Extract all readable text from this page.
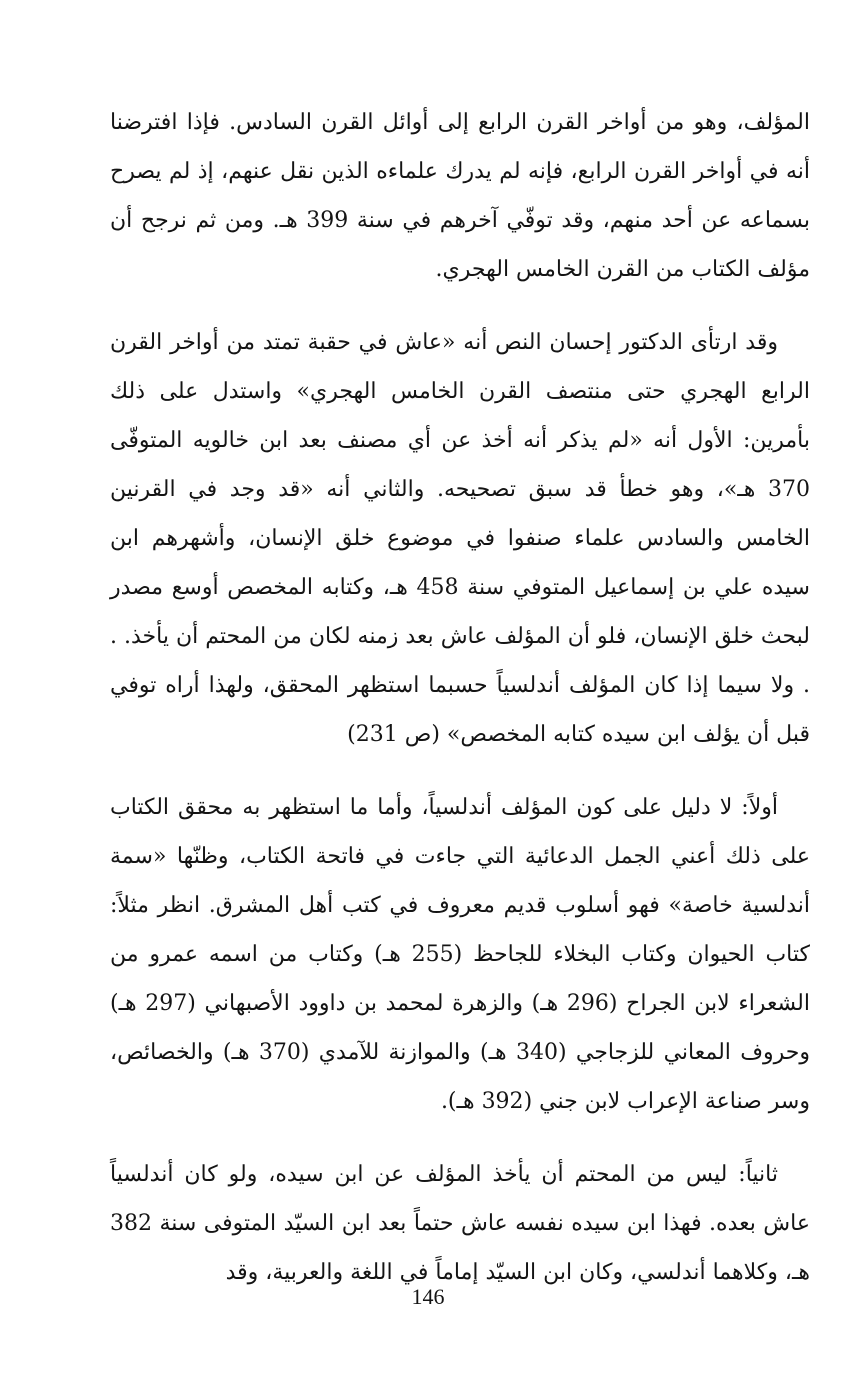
المؤلف، وهو من أواخر القرن الرابع إلى أوائل القرن السادس. فإذا افترضنا أنه في أواخر القرن الرابع، فإنه لم يدرك علماءه الذين نقل عنهم، إذ لم يصرح بسماعه عن أحد منهم، وقد توفّي آخرهم في سنة 399 هـ. ومن ثم نرجح أن مؤلف الكتاب من القرن الخامس الهجري.

وقد ارتأى الدكتور إحسان النص أنه «عاش في حقبة تمتد من أواخر القرن الرابع الهجري حتى منتصف القرن الخامس الهجري» واستدل على ذلك بأمرين: الأول أنه «لم يذكر أنه أخذ عن أي مصنف بعد ابن خالويه المتوفّى 370 هـ»، وهو خطأ قد سبق تصحيحه. والثاني أنه «قد وجد في القرنين الخامس والسادس علماء صنفوا في موضوع خلق الإنسان، وأشهرهم ابن سيده علي بن إسماعيل المتوفي سنة 458 هـ، وكتابه المخصص أوسع مصدر لبحث خلق الإنسان، فلو أن المؤلف عاش بعد زمنه لكان من المحتم أن يأخذ. . . ولا سيما إذا كان المؤلف أندلسياً حسبما استظهر المحقق، ولهذا أراه توفي قبل أن يؤلف ابن سيده كتابه المخصص» (ص 231)

أولاً: لا دليل على كون المؤلف أندلسياً، وأما ما استظهر به محقق الكتاب على ذلك أعني الجمل الدعائية التي جاءت في فاتحة الكتاب، وظنّها «سمة أندلسية خاصة» فهو أسلوب قديم معروف في كتب أهل المشرق. انظر مثلاً: كتاب الحيوان وكتاب البخلاء للجاحظ (255 هـ) وكتاب من اسمه عمرو من الشعراء لابن الجراح (296 هـ) والزهرة لمحمد بن داوود الأصبهاني (297 هـ) وحروف المعاني للزجاجي (340 هـ) والموازنة للآمدي (370 هـ) والخصائص، وسر صناعة الإعراب لابن جني (392 هـ).

ثانياً: ليس من المحتم أن يأخذ المؤلف عن ابن سيده، ولو كان أندلسياً عاش بعده. فهذا ابن سيده نفسه عاش حتماً بعد ابن السيّد المتوفى سنة 382 هـ، وكلاهما أندلسي، وكان ابن السيّد إماماً في اللغة والعربية، وقد

146
